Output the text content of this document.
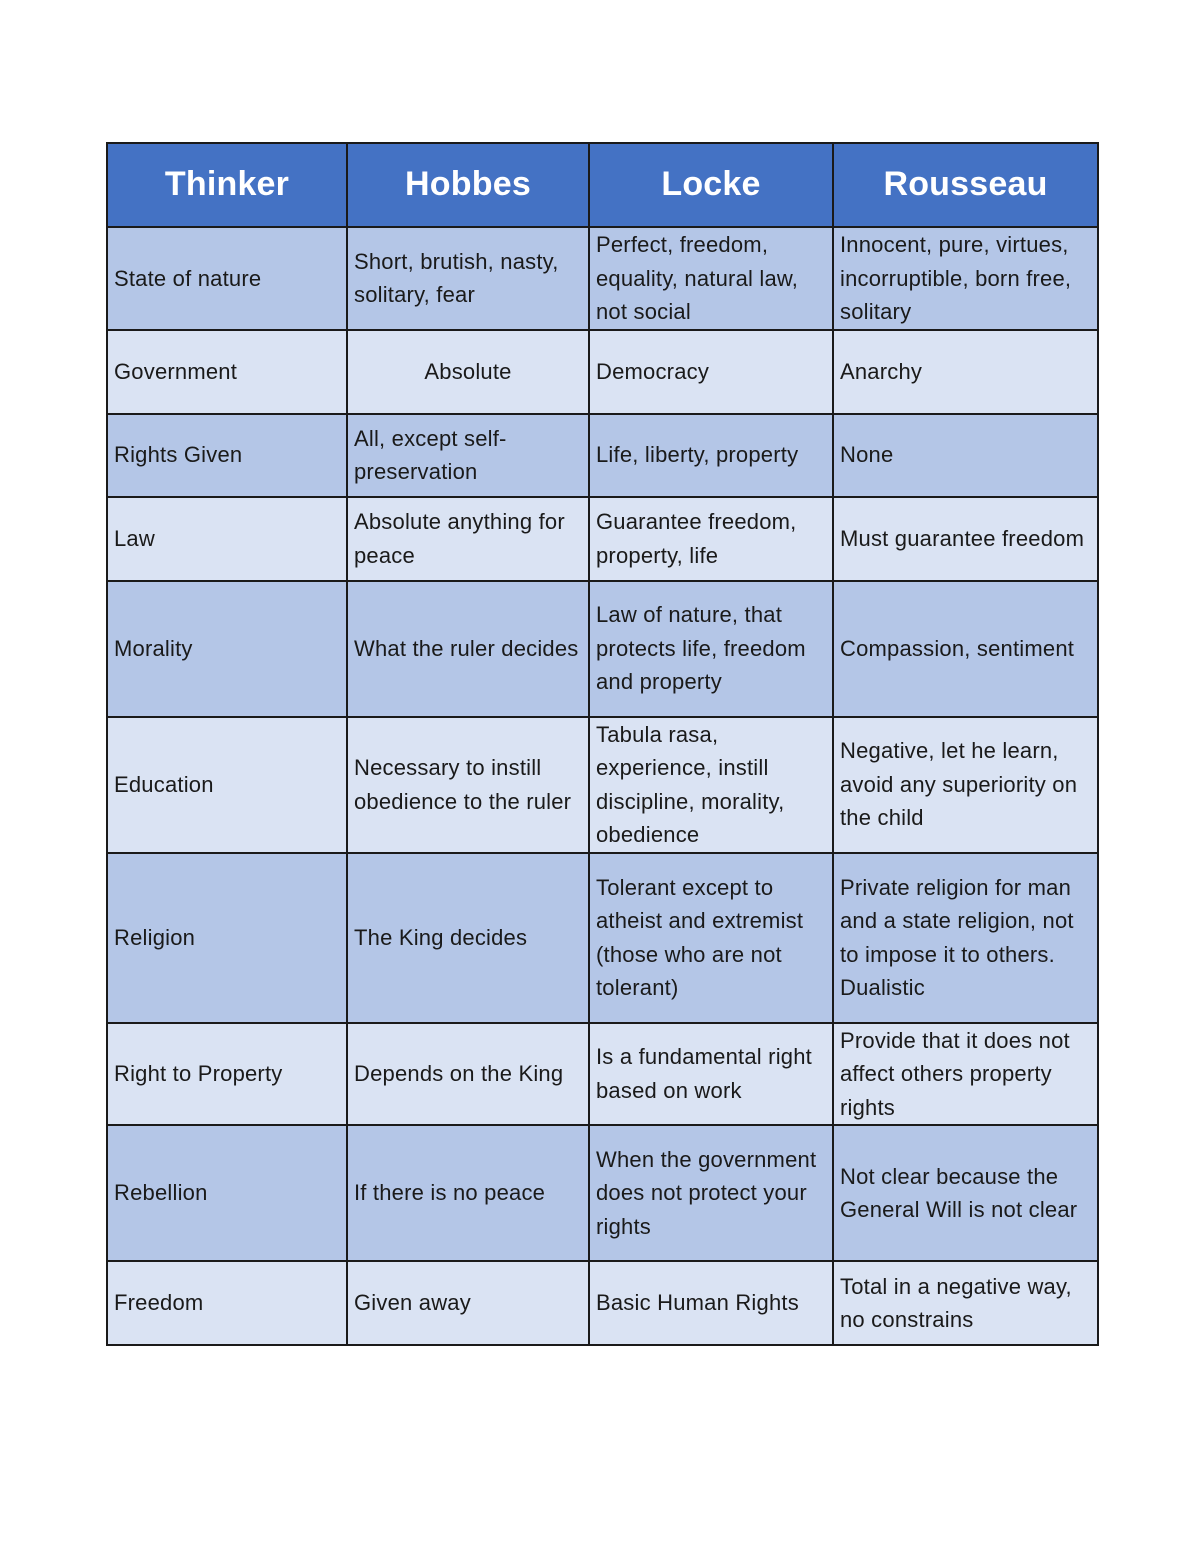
Thinker	Hobbes	Locke	Rousseau
State of nature	Short, brutish, nasty, solitary, fear	Perfect, freedom, equality, natural law, not social	Innocent, pure, virtues, incorruptible, born free, solitary
Government	Absolute	Democracy	Anarchy
Rights Given	All, except self-preservation	Life, liberty, property	None
Law	Absolute anything for peace	Guarantee freedom, property, life	Must guarantee freedom
Morality	What the ruler decides	Law of nature, that protects life, freedom and property	Compassion, sentiment
Education	Necessary to instill obedience to the ruler	Tabula rasa, experience, instill discipline, morality, obedience	Negative, let he learn, avoid any superiority on the child
Religion	The King decides	Tolerant except to atheist and extremist (those who are not tolerant)	Private religion for man and a state religion, not to impose it to others. Dualistic
Right to Property	Depends on the King	Is a fundamental right based on work	Provide that it does not affect others property rights
Rebellion	If there is no peace	When the government does not protect your rights	Not clear because the General Will is not clear
Freedom	Given away	Basic Human Rights	Total in a negative way, no constrains
